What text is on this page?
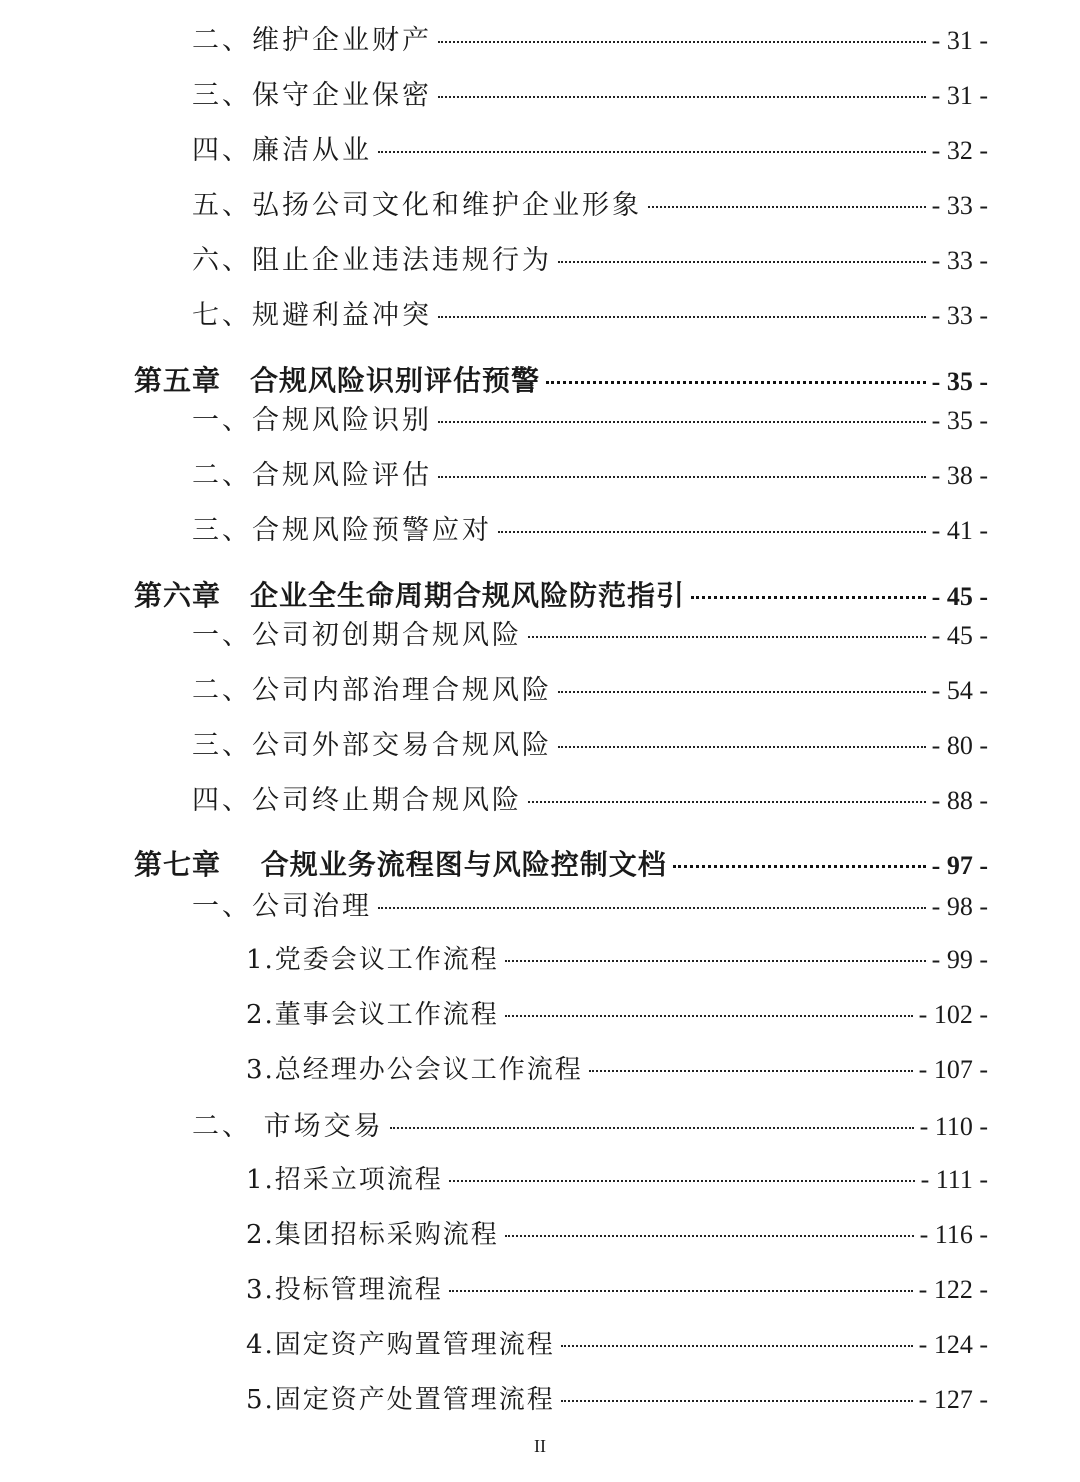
二、维护企业财产	- 31 -
三、保守企业保密	- 31 -
四、廉洁从业	- 32 -
五、弘扬公司文化和维护企业形象	- 33 -
六、阻止企业违法违规行为	- 33 -
七、规避利益冲突	- 33 -
第五章　合规风险识别评估预警	- 35 -
一、合规风险识别	- 35 -
二、合规风险评估	- 38 -
三、合规风险预警应对	- 41 -
第六章　企业全生命周期合规风险防范指引	- 45 -
一、公司初创期合规风险	- 45 -
二、公司内部治理合规风险	- 54 -
三、公司外部交易合规风险	- 80 -
四、公司终止期合规风险	- 88 -
第七章　 合规业务流程图与风险控制文档	- 97 -
一、公司治理	- 98 -
1.党委会议工作流程	- 99 -
2.董事会议工作流程	- 102 -
3.总经理办公会议工作流程	- 107 -
二、 市场交易	- 110 -
1.招采立项流程	- 111 -
2.集团招标采购流程	- 116 -
3.投标管理流程	- 122 -
4.固定资产购置管理流程	- 124 -
5.固定资产处置管理流程	- 127 -
II
